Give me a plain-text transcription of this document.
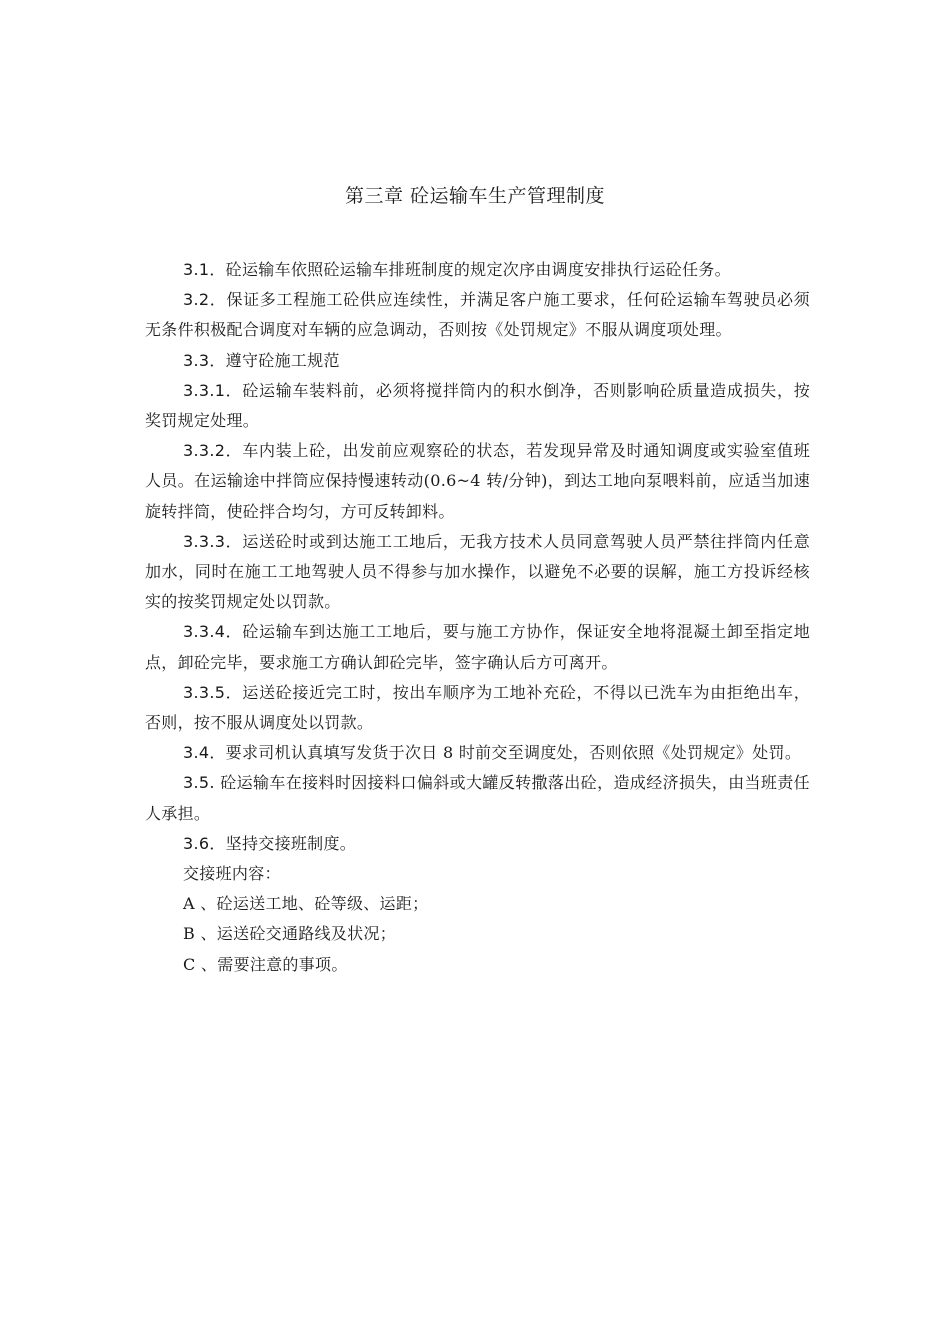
第三章 砼运输车生产管理制度

3.1．砼运输车依照砼运输车排班制度的规定次序由调度安排执行运砼任务。

3.2．保证多工程施工砼供应连续性，并满足客户施工要求，任何砼运输车驾驶员必须无条件积极配合调度对车辆的应急调动，否则按《处罚规定》不服从调度项处理。

3.3．遵守砼施工规范

3.3.1．砼运输车装料前，必须将搅拌筒内的积水倒净，否则影响砼质量造成损失，按奖罚规定处理。

3.3.2．车内装上砼，出发前应观察砼的状态，若发现异常及时通知调度或实验室值班人员。在运输途中拌筒应保持慢速转动(0.6~4 转/分钟)，到达工地向泵喂料前，应适当加速旋转拌筒，使砼拌合均匀，方可反转卸料。

3.3.3．运送砼时或到达施工工地后，无我方技术人员同意驾驶人员严禁往拌筒内任意加水，同时在施工工地驾驶人员不得参与加水操作，以避免不必要的误解，施工方投诉经核实的按奖罚规定处以罚款。

3.3.4．砼运输车到达施工工地后，要与施工方协作，保证安全地将混凝土卸至指定地点，卸砼完毕，要求施工方确认卸砼完毕，签字确认后方可离开。

3.3.5．运送砼接近完工时，按出车顺序为工地补充砼，不得以已洗车为由拒绝出车，否则，按不服从调度处以罚款。

3.4．要求司机认真填写发货于次日 8 时前交至调度处，否则依照《处罚规定》处罚。

3.5. 砼运输车在接料时因接料口偏斜或大罐反转撒落出砼，造成经济损失，由当班责任人承担。

3.6．坚持交接班制度。

交接班内容：

A 、砼运送工地、砼等级、运距；

B 、运送砼交通路线及状况；

C 、需要注意的事项。
